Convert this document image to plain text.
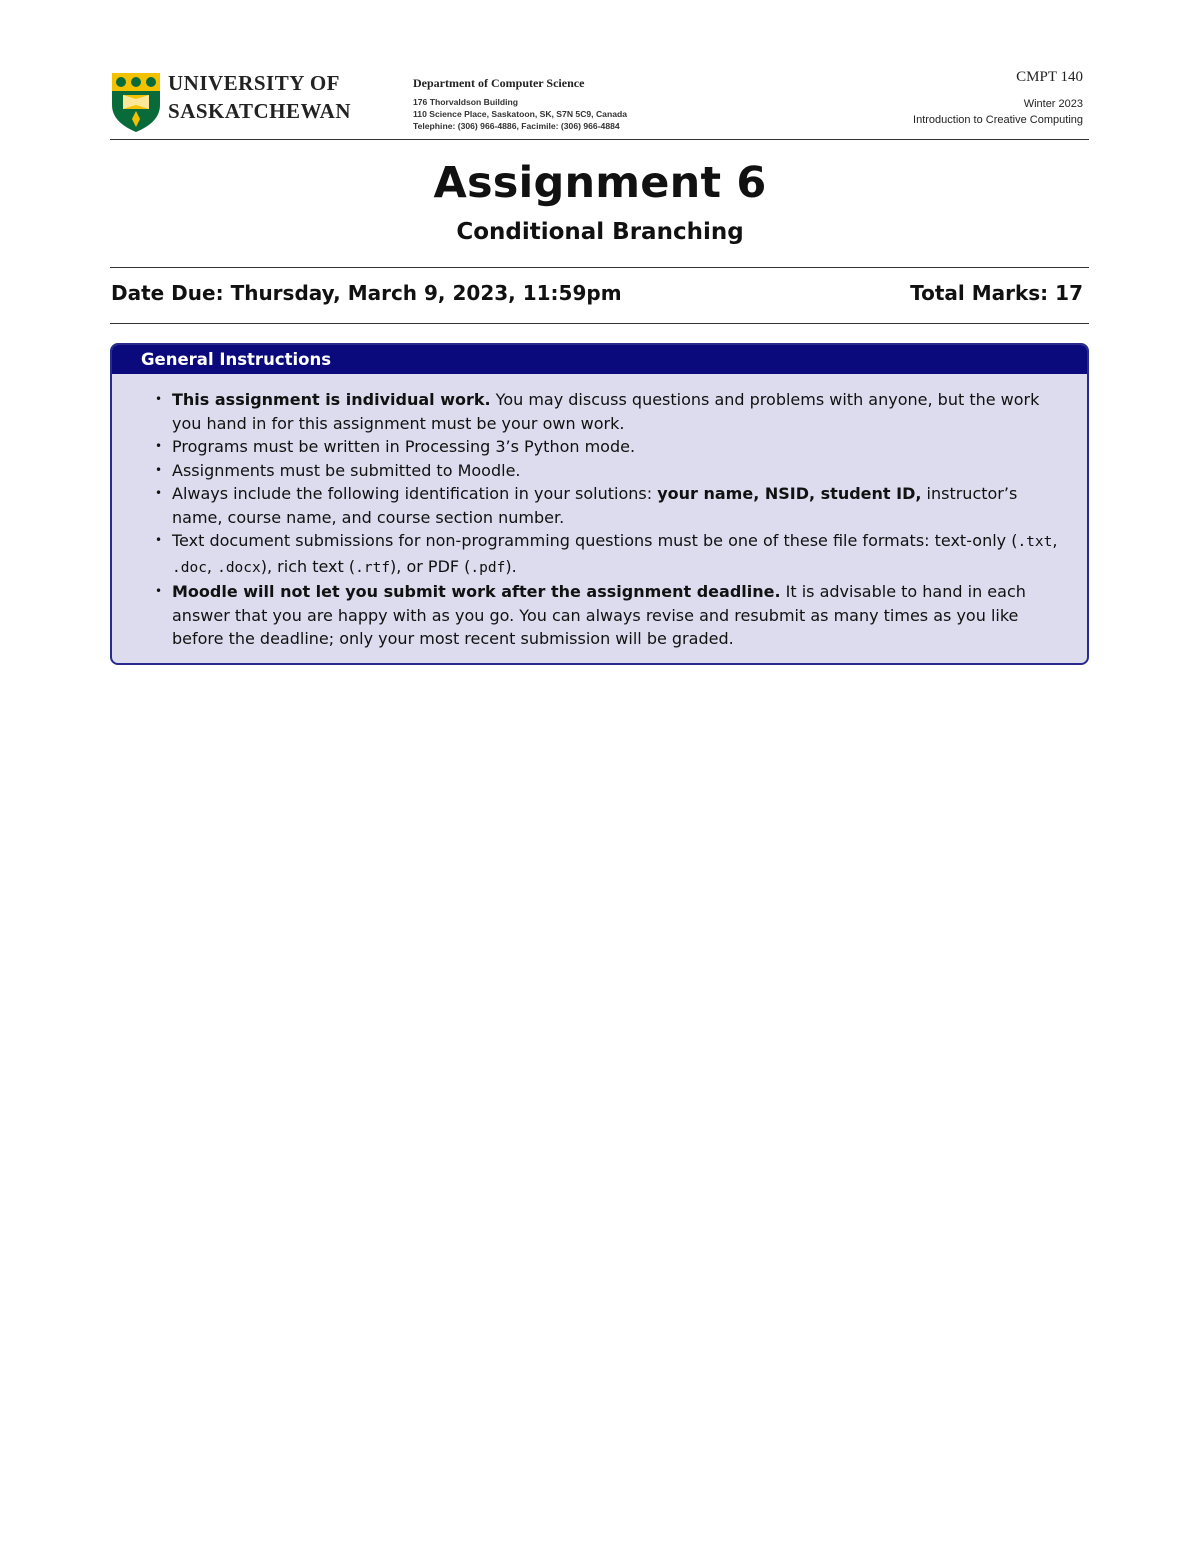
UNIVERSITY OF
SASKATCHEWAN
Department of Computer Science
176 Thorvaldson Building
110 Science Place, Saskatoon, SK, S7N 5C9, Canada
Telephine: (306) 966-4886, Facimile: (306) 966-4884
CMPT 140
Winter 2023
Introduction to Creative Computing
Assignment 6
Conditional Branching
Date Due: Thursday, March 9, 2023, 11:59pm	Total Marks: 17
General Instructions
• This assignment is individual work. You may discuss questions and problems with anyone, but the work you hand in for this assignment must be your own work.
• Programs must be written in Processing 3’s Python mode.
• Assignments must be submitted to Moodle.
• Always include the following identification in your solutions: your name, NSID, student ID, instructor’s name, course name, and course section number.
• Text document submissions for non-programming questions must be one of these file formats: text-only (.txt, .doc, .docx), rich text (.rtf), or PDF (.pdf).
• Moodle will not let you submit work after the assignment deadline. It is advisable to hand in each answer that you are happy with as you go. You can always revise and resubmit as many times as you like before the deadline; only your most recent submission will be graded.
